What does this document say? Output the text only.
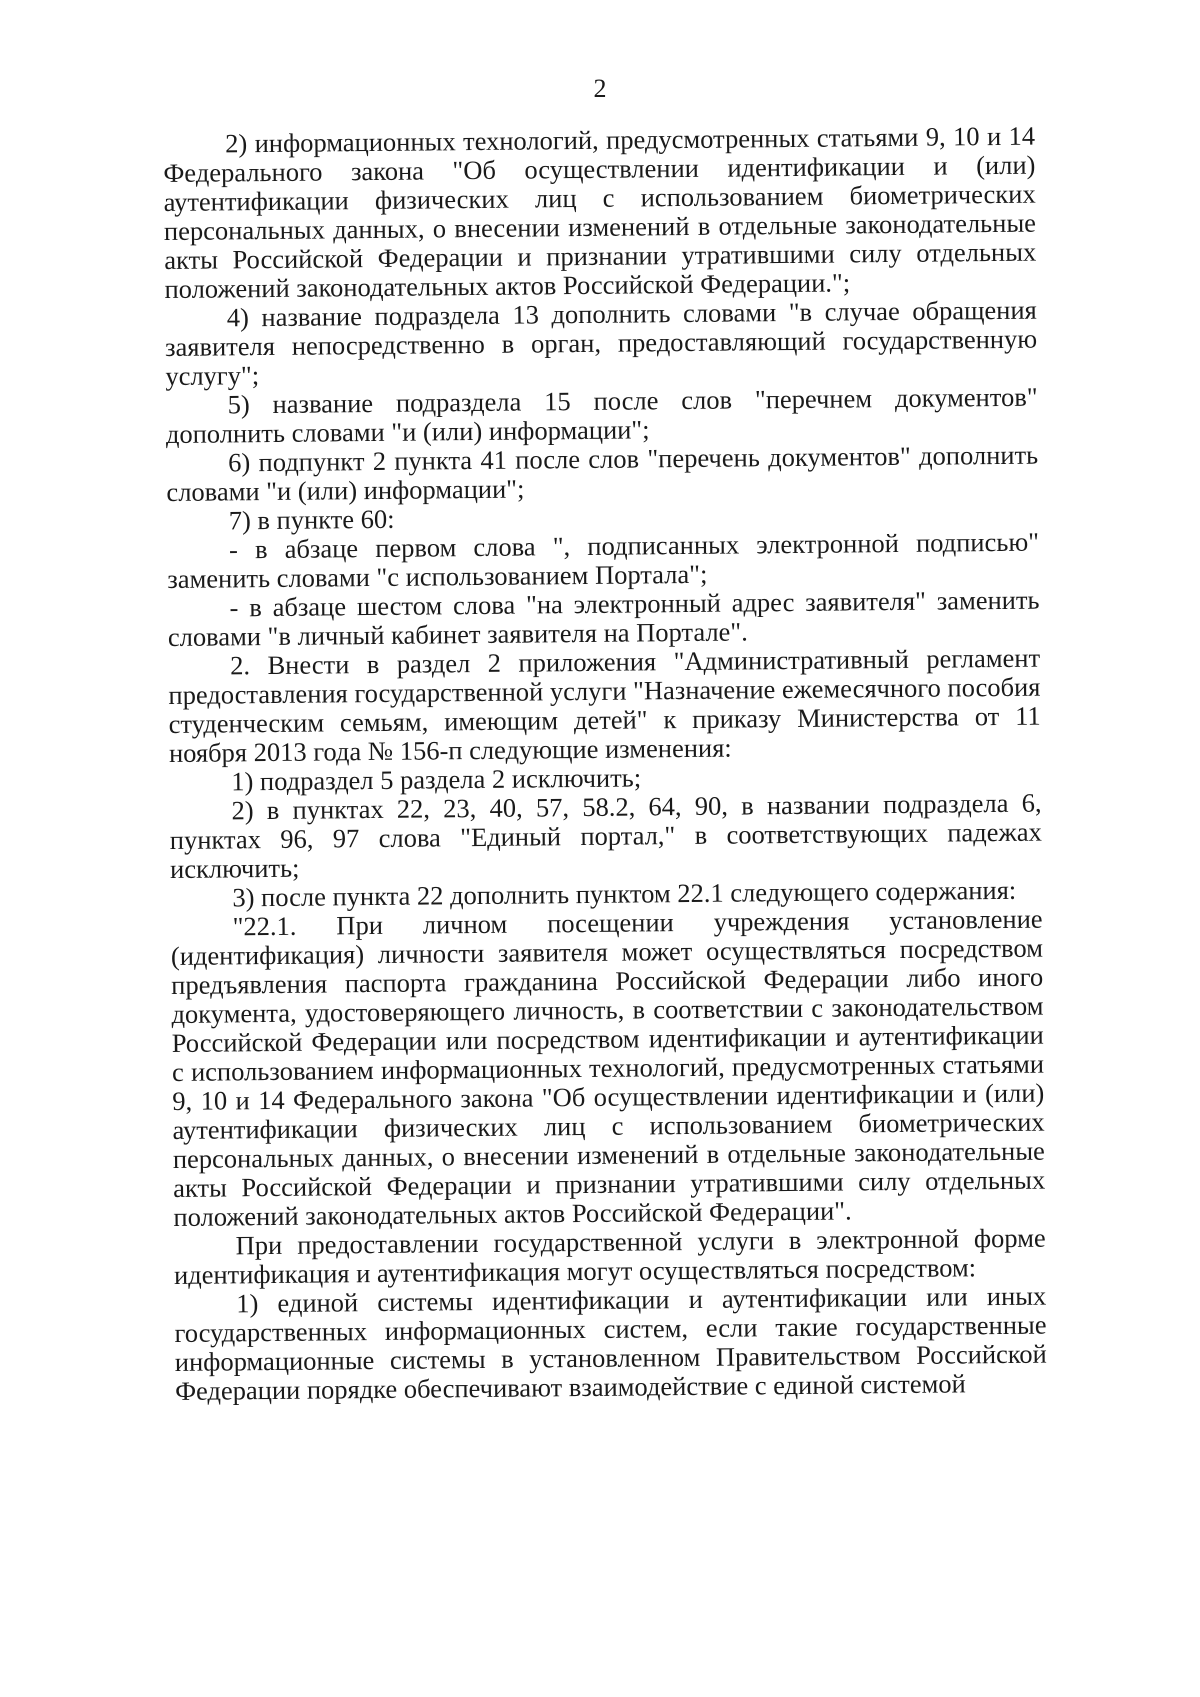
2

2) информационных технологий, предусмотренных статьями 9, 10 и 14 Федерального закона "Об осуществлении идентификации и (или) аутентификации физических лиц с использованием биометрических персональных данных, о внесении изменений в отдельные законодательные акты Российской Федерации и признании утратившими силу отдельных положений законодательных актов Российской Федерации.";

4) название подраздела 13 дополнить словами "в случае обращения заявителя непосредственно в орган, предоставляющий государственную услугу";

5) название подраздела 15 после слов "перечнем документов" дополнить словами "и (или) информации";

6) подпункт 2 пункта 41 после слов "перечень документов" дополнить словами "и (или) информации";

7) в пункте 60:

- в абзаце первом слова ", подписанных электронной подписью" заменить словами "с использованием Портала";

- в абзаце шестом слова "на электронный адрес заявителя" заменить словами "в личный кабинет заявителя на Портале".

2. Внести в раздел 2 приложения "Административный регламент предоставления государственной услуги "Назначение ежемесячного пособия студенческим семьям, имеющим детей" к приказу Министерства от 11 ноября 2013 года № 156-п следующие изменения:

1) подраздел 5 раздела 2 исключить;

2) в пунктах 22, 23, 40, 57, 58.2, 64, 90, в названии подраздела 6, пунктах 96, 97 слова "Единый портал," в соответствующих падежах исключить;

3) после пункта 22 дополнить пунктом 22.1 следующего содержания:

"22.1. При личном посещении учреждения установление (идентификация) личности заявителя может осуществляться посредством предъявления паспорта гражданина Российской Федерации либо иного документа, удостоверяющего личность, в соответствии с законодательством Российской Федерации или посредством идентификации и аутентификации с использованием информационных технологий, предусмотренных статьями 9, 10 и 14 Федерального закона "Об осуществлении идентификации и (или) аутентификации физических лиц с использованием биометрических персональных данных, о внесении изменений в отдельные законодательные акты Российской Федерации и признании утратившими силу отдельных положений законодательных актов Российской Федерации".

При предоставлении государственной услуги в электронной форме идентификация и аутентификация могут осуществляться посредством:

1) единой системы идентификации и аутентификации или иных государственных информационных систем, если такие государственные информационные системы в установленном Правительством Российской Федерации порядке обеспечивают взаимодействие с единой системой
